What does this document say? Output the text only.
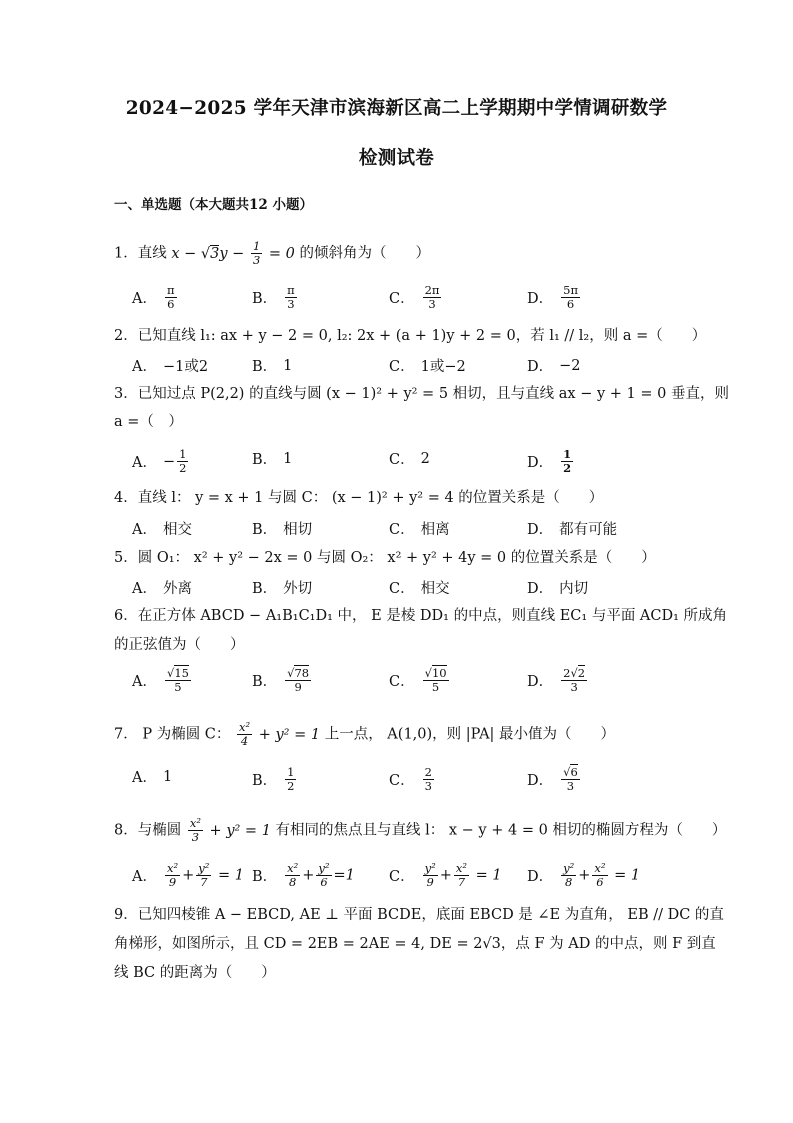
2024−2025 学年天津市滨海新区高二上学期期中学情调研数学
检测试卷
一、单选题（本大题共12 小题）
1．直线 $x - √3y - \frac{1}{3} = 0$ 的倾斜角为（　　）
A． $\frac{\pi}{6}$	B． $\frac{\pi}{3}$	C． $\frac{2\pi}{3}$	D． $\frac{5\pi}{6}$
2．已知直线 l₁: ax + y − 2 = 0, l₂: 2x + (a + 1)y + 2 = 0，若 l₁ // l₂，则 a =（　　）
A． −1或2	B． 1	C． 1或−2	D． −2
3．已知过点 P(2,2) 的直线与圆 (x − 1)² + y² = 5 相切，且与直线 ax − y + 1 = 0 垂直，则
a =（　）
A． − $\frac{1}{2}$	B． 1	C． 2	D． $\frac{1}{2}$
4．直线 l： y = x + 1 与圆 C： (x − 1)² + y² = 4 的位置关系是（　　）
A． 相交	B． 相切	C． 相离	D． 都有可能
5．圆 O₁： x² + y² − 2x = 0 与圆 O₂： x² + y² + 4y = 0 的位置关系是（　　）
A． 外离	B． 外切	C． 相交	D． 内切
6．在正方体 ABCD − A₁B₁C₁D₁ 中， E 是棱 DD₁ 的中点，则直线 EC₁ 与平面 ACD₁ 所成角
的正弦值为（　　）
A． $\frac{√15}{5}$	B． $\frac{√78}{9}$	C． $\frac{√10}{5}$	D． $\frac{2√2}{3}$
7． P 为椭圆 C： $\frac{\text{x²}}{4} + y^2 = 1$ 上一点， A(1,0)，则 |PA| 最小值为（　　）
A． 1	B． $\frac{1}{2}$	C． $\frac{2}{3}$	D． $\frac{√6}{3}$
8．与椭圆 $\frac{\text{x²}}{3} + y^2 = 1$ 有相同的焦点且与直线 l： x − y + 4 = 0 相切的椭圆方程为（　　）
A． $\frac{\text{x²}}{9} + \frac{\text{y²}}{7} = 1$ B． $\frac{\text{x²}}{8} + \frac{\text{y²}}{6} =1$ C． $\frac{\text{y²}}{9} + \frac{\text{x²}}{7} = 1$ D． $\frac{\text{y²}}{8} + \frac{\text{x²}}{6} = 1$
9．已知四棱锥 A − EBCD, AE ⊥ 平面 BCDE，底面 EBCD 是 ∠E 为直角， EB // DC 的直
角梯形，如图所示，且 CD = 2EB = 2AE = 4, DE = 2√3，点 F 为 AD 的中点，则 F 到直
线 BC 的距离为（　　）
